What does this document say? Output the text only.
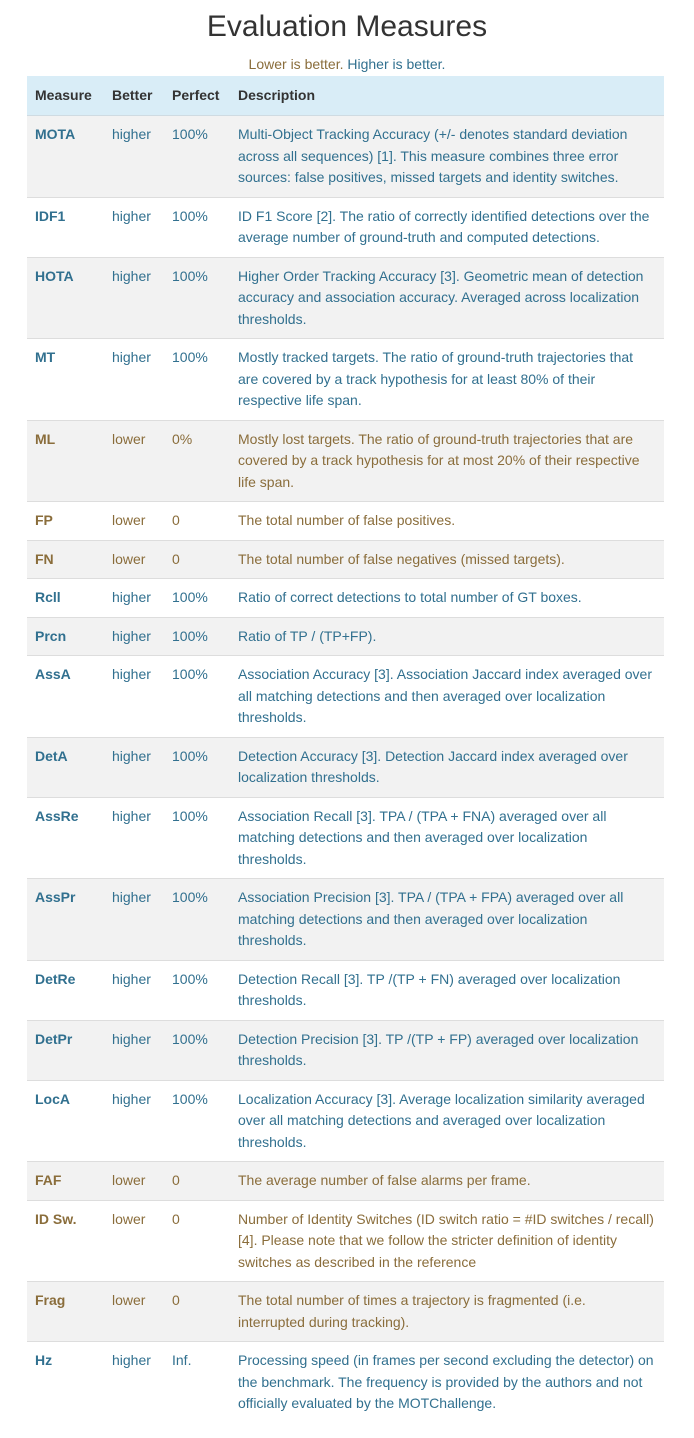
Evaluation Measures
Lower is better. Higher is better.
Measure	Better	Perfect	Description
MOTA	higher	100%	Multi-Object Tracking Accuracy (+/- denotes standard deviation across all sequences) [1]. This measure combines three error sources: false positives, missed targets and identity switches.
IDF1	higher	100%	ID F1 Score [2]. The ratio of correctly identified detections over the average number of ground-truth and computed detections.
HOTA	higher	100%	Higher Order Tracking Accuracy [3]. Geometric mean of detection accuracy and association accuracy. Averaged across localization thresholds.
MT	higher	100%	Mostly tracked targets. The ratio of ground-truth trajectories that are covered by a track hypothesis for at least 80% of their respective life span.
ML	lower	0%	Mostly lost targets. The ratio of ground-truth trajectories that are covered by a track hypothesis for at most 20% of their respective life span.
FP	lower	0	The total number of false positives.
FN	lower	0	The total number of false negatives (missed targets).
Rcll	higher	100%	Ratio of correct detections to total number of GT boxes.
Prcn	higher	100%	Ratio of TP / (TP+FP).
AssA	higher	100%	Association Accuracy [3]. Association Jaccard index averaged over all matching detections and then averaged over localization thresholds.
DetA	higher	100%	Detection Accuracy [3]. Detection Jaccard index averaged over localization thresholds.
AssRe	higher	100%	Association Recall [3]. TPA / (TPA + FNA) averaged over all matching detections and then averaged over localization thresholds.
AssPr	higher	100%	Association Precision [3]. TPA / (TPA + FPA) averaged over all matching detections and then averaged over localization thresholds.
DetRe	higher	100%	Detection Recall [3]. TP /(TP + FN) averaged over localization thresholds.
DetPr	higher	100%	Detection Precision [3]. TP /(TP + FP) averaged over localization thresholds.
LocA	higher	100%	Localization Accuracy [3]. Average localization similarity averaged over all matching detections and averaged over localization thresholds.
FAF	lower	0	The average number of false alarms per frame.
ID Sw.	lower	0	Number of Identity Switches (ID switch ratio = #ID switches / recall) [4]. Please note that we follow the stricter definition of identity switches as described in the reference
Frag	lower	0	The total number of times a trajectory is fragmented (i.e. interrupted during tracking).
Hz	higher	Inf.	Processing speed (in frames per second excluding the detector) on the benchmark. The frequency is provided by the authors and not officially evaluated by the MOTChallenge.
